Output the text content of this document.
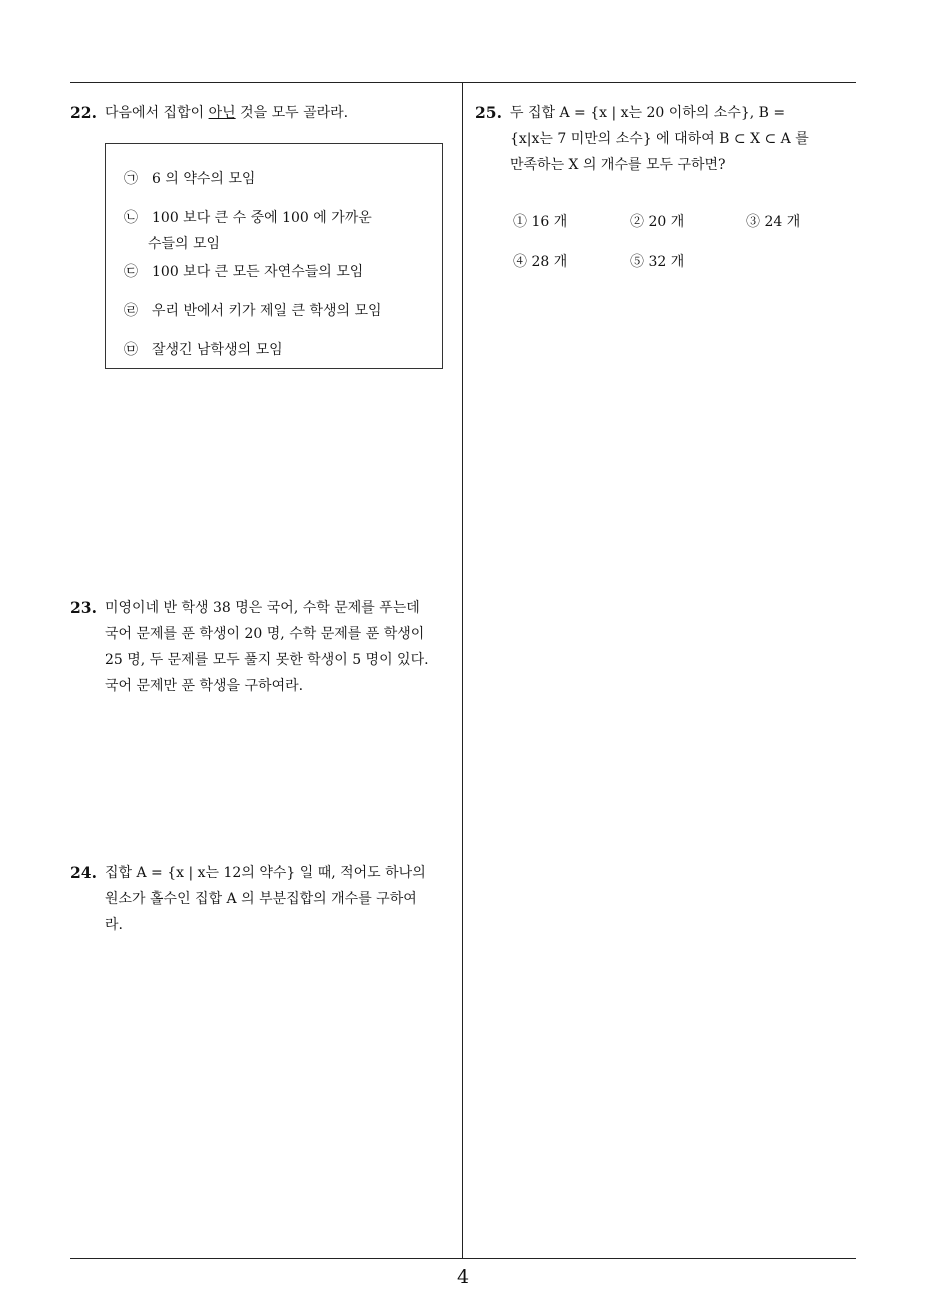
22. 다음에서 집합이 아닌 것을 모두 골라라.
㉠ 6 의 약수의 모임
㉡ 100 보다 큰 수 중에 100 에 가까운
수들의 모임
㉢ 100 보다 큰 모든 자연수들의 모임
㉣ 우리 반에서 키가 제일 큰 학생의 모임
㉤ 잘생긴 남학생의 모임
23. 미영이네 반 학생 38 명은 국어, 수학 문제를 푸는데
국어 문제를 푼 학생이 20 명, 수학 문제를 푼 학생이
25 명, 두 문제를 모두 풀지 못한 학생이 5 명이 있다.
국어 문제만 푼 학생을 구하여라.
24. 집합 A = {x | x는 12의 약수} 일 때, 적어도 하나의
원소가 홀수인 집합 A 의 부분집합의 개수를 구하여
라.
25. 두 집합 A = {x | x는 20 이하의 소수}, B =
{x|x는 7 미만의 소수} 에 대하여 B ⊂ X ⊂ A 를
만족하는 X 의 개수를 모두 구하면?
① 16 개	② 20 개	③ 24 개
④ 28 개	⑤ 32 개
4
